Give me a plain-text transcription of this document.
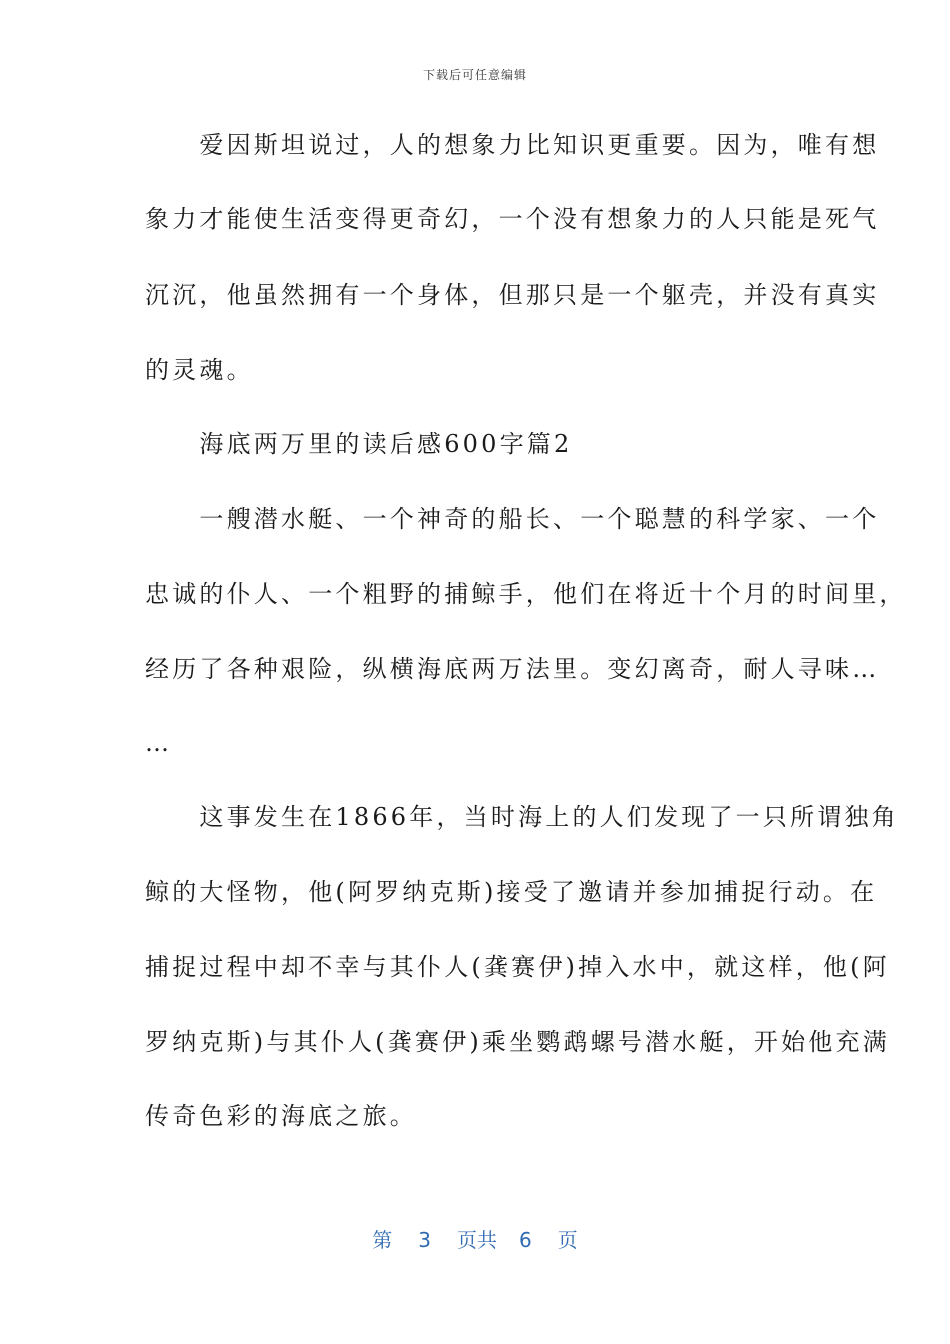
下载后可任意编辑
　　爱因斯坦说过，人的想象力比知识更重要。因为，唯有想
象力才能使生活变得更奇幻，一个没有想象力的人只能是死气
沉沉，他虽然拥有一个身体，但那只是一个躯壳，并没有真实
的灵魂。
　　海底两万里的读后感600字篇2
　　一艘潜水艇、一个神奇的船长、一个聪慧的科学家、一个
忠诚的仆人、一个粗野的捕鲸手，他们在将近十个月的时间里，
经历了各种艰险，纵横海底两万法里。变幻离奇，耐人寻味…
…
　　这事发生在1866年，当时海上的人们发现了一只所谓独角
鲸的大怪物，他(阿罗纳克斯)接受了邀请并参加捕捉行动。在
捕捉过程中却不幸与其仆人(龚赛伊)掉入水中，就这样，他(阿
罗纳克斯)与其仆人(龚赛伊)乘坐鹦鹉螺号潜水艇，开始他充满
传奇色彩的海底之旅。
第 3 页共 6 页
